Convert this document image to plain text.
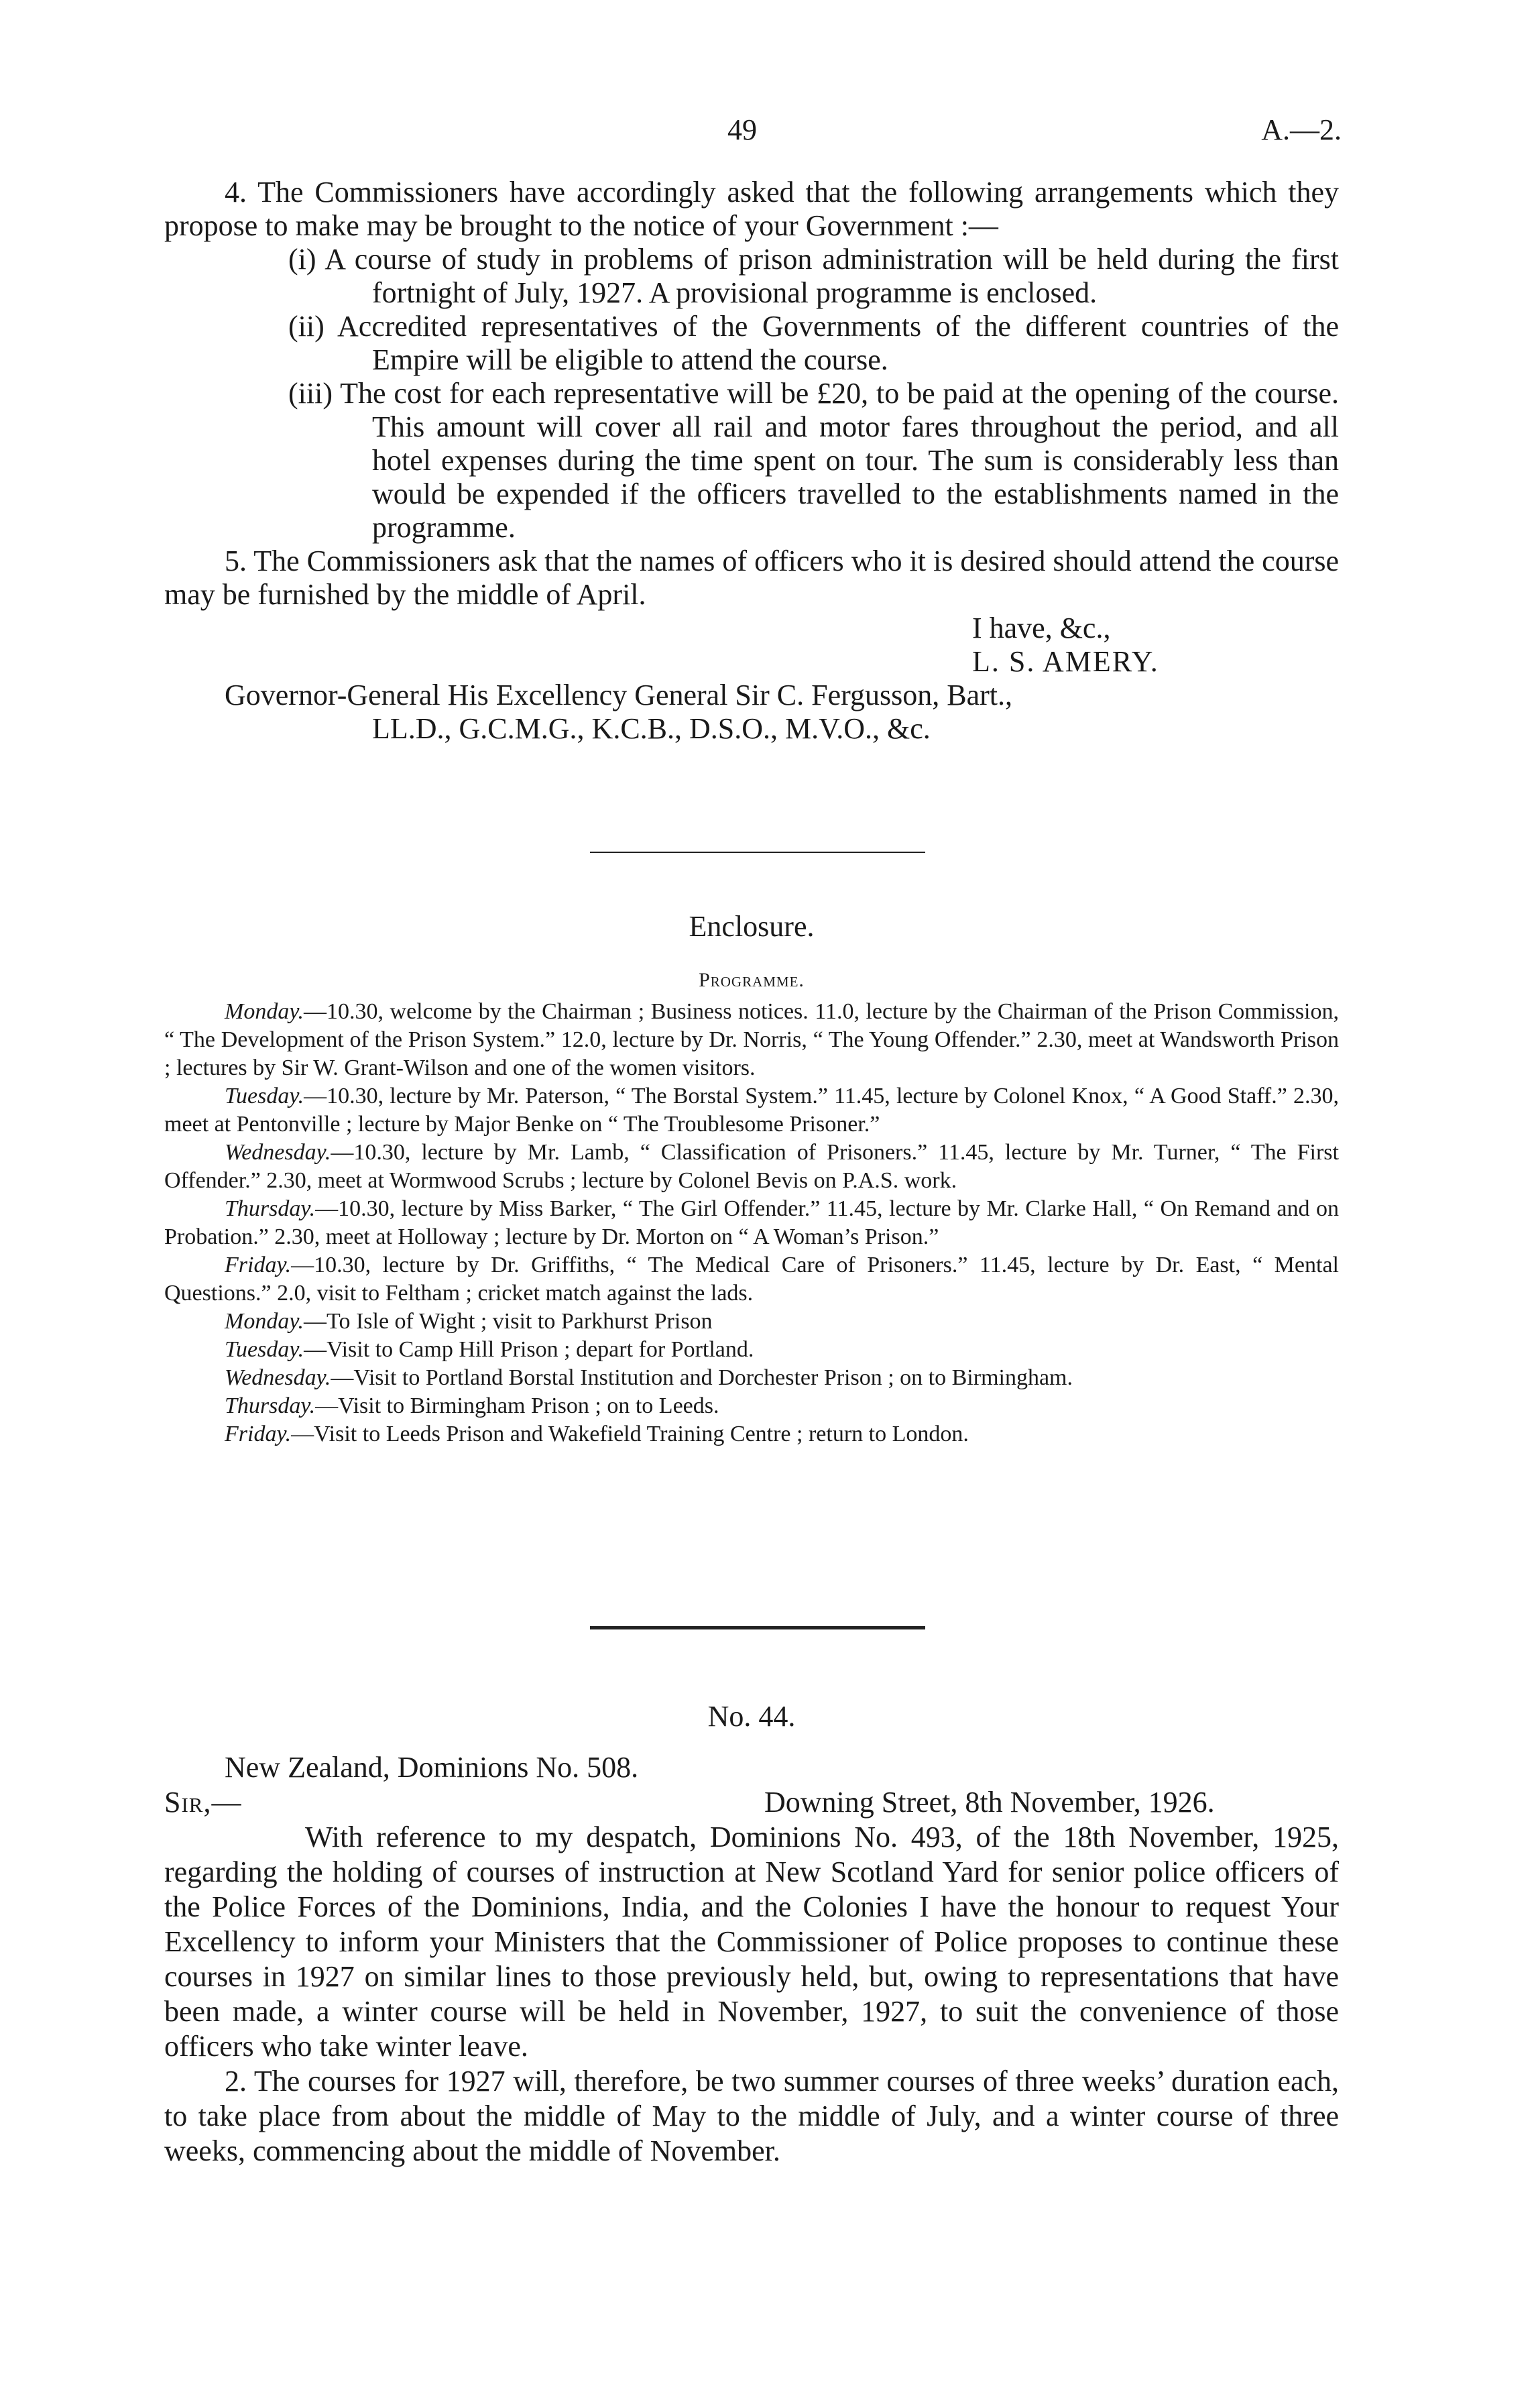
49	A.—2.

4. The Commissioners have accordingly asked that the following arrangements which they propose to make may be brought to the notice of your Government :—

(i) A course of study in problems of prison administration will be held during the first fortnight of July, 1927. A provisional programme is enclosed.

(ii) Accredited representatives of the Governments of the different countries of the Empire will be eligible to attend the course.

(iii) The cost for each representative will be £20, to be paid at the opening of the course. This amount will cover all rail and motor fares throughout the period, and all hotel expenses during the time spent on tour. The sum is considerably less than would be expended if the officers travelled to the establishments named in the programme.

5. The Commissioners ask that the names of officers who it is desired should attend the course may be furnished by the middle of April.

I have, &c.,

L. S. AMERY.

Governor-General His Excellency General Sir C. Fergusson, Bart.,

LL.D., G.C.M.G., K.C.B., D.S.O., M.V.O., &c.

Enclosure.
Programme.

Monday.—10.30, welcome by the Chairman ; Business notices. 11.0, lecture by the Chairman of the Prison Commission, “ The Development of the Prison System.” 12.0, lecture by Dr. Norris, “ The Young Offender.” 2.30, meet at Wandsworth Prison ; lectures by Sir W. Grant-Wilson and one of the women visitors.

Tuesday.—10.30, lecture by Mr. Paterson, “ The Borstal System.” 11.45, lecture by Colonel Knox, “ A Good Staff.” 2.30, meet at Pentonville ; lecture by Major Benke on “ The Troublesome Prisoner.”

Wednesday.—10.30, lecture by Mr. Lamb, “ Classification of Prisoners.” 11.45, lecture by Mr. Turner, “ The First Offender.” 2.30, meet at Wormwood Scrubs ; lecture by Colonel Bevis on P.A.S. work.

Thursday.—10.30, lecture by Miss Barker, “ The Girl Offender.” 11.45, lecture by Mr. Clarke Hall, “ On Remand and on Probation.” 2.30, meet at Holloway ; lecture by Dr. Morton on “ A Woman’s Prison.”

Friday.—10.30, lecture by Dr. Griffiths, “ The Medical Care of Prisoners.” 11.45, lecture by Dr. East, “ Mental Questions.” 2.0, visit to Feltham ; cricket match against the lads.

Monday.—To Isle of Wight ; visit to Parkhurst Prison

Tuesday.—Visit to Camp Hill Prison ; depart for Portland.

Wednesday.—Visit to Portland Borstal Institution and Dorchester Prison ; on to Birmingham.

Thursday.—Visit to Birmingham Prison ; on to Leeds.

Friday.—Visit to Leeds Prison and Wakefield Training Centre ; return to London.

No. 44.

New Zealand, Dominions No. 508.

Sir,—	Downing Street, 8th November, 1926.

With reference to my despatch, Dominions No. 493, of the 18th November, 1925, regarding the holding of courses of instruction at New Scotland Yard for senior police officers of the Police Forces of the Dominions, India, and the Colonies I have the honour to request Your Excellency to inform your Ministers that the Commissioner of Police proposes to continue these courses in 1927 on similar lines to those previously held, but, owing to representations that have been made, a winter course will be held in November, 1927, to suit the convenience of those officers who take winter leave.

2. The courses for 1927 will, therefore, be two summer courses of three weeks’ duration each, to take place from about the middle of May to the middle of July, and a winter course of three weeks, commencing about the middle of November.
